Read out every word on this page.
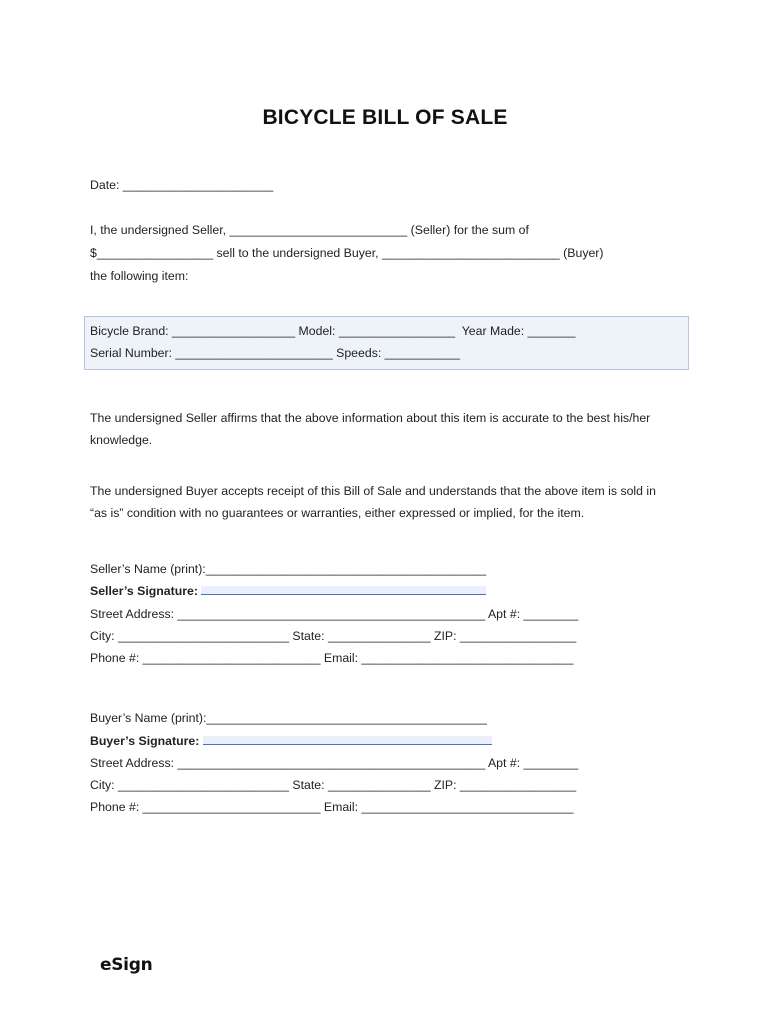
BICYCLE BILL OF SALE
Date: ______________________
I, the undersigned Seller, __________________________ (Seller) for the sum of
$_________________ sell to the undersigned Buyer, __________________________ (Buyer)
the following item:
Bicycle Brand: __________________ Model: _________________  Year Made: _______
Serial Number: _______________________ Speeds: ___________
The undersigned Seller affirms that the above information about this item is accurate to the best his/her
knowledge.
The undersigned Buyer accepts receipt of this Bill of Sale and understands that the above item is sold in
“as is” condition with no guarantees or warranties, either expressed or implied, for the item.
Seller’s Name (print):_________________________________________
Seller’s Signature:
Street Address: _____________________________________________ Apt #: ________
City: _________________________ State: _______________ ZIP: _________________
Phone #: __________________________ Email: _______________________________
Buyer’s Name (print):_________________________________________
Buyer’s Signature:
Street Address: _____________________________________________ Apt #: ________
City: _________________________ State: _______________ ZIP: _________________
Phone #: __________________________ Email: _______________________________
eSign
